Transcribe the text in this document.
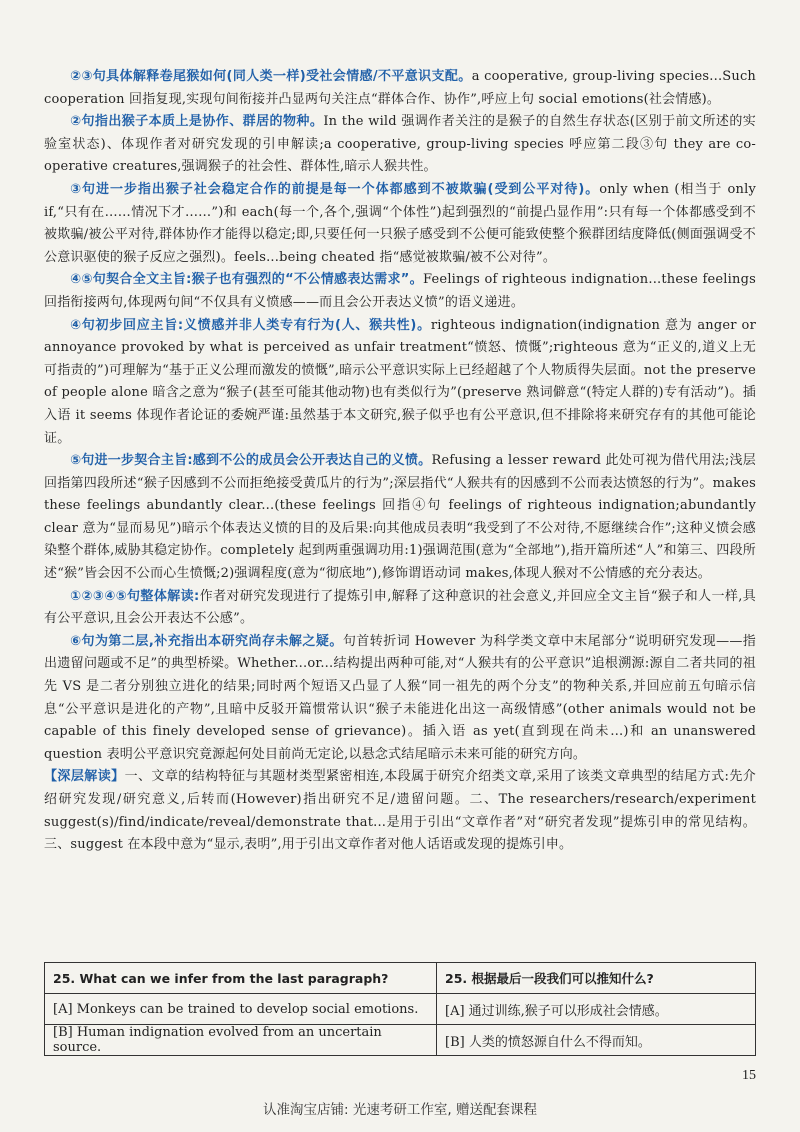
②③句具体解释卷尾猴如何(同人类一样)受社会情感/不平意识支配。a cooperative, group-living species...Such cooperation 回指复现,实现句间衔接并凸显两句关注点“群体合作、协作”,呼应上句 social emotions(社会情感)。

②句指出猴子本质上是协作、群居的物种。In the wild 强调作者关注的是猴子的自然生存状态(区别于前文所述的实验室状态)、体现作者对研究发现的引申解读;a cooperative, group-living species 呼应第二段③句 they are co-operative creatures,强调猴子的社会性、群体性,暗示人猴共性。

③句进一步指出猴子社会稳定合作的前提是每一个体都感到不被欺骗(受到公平对待)。only when (相当于 only if,“只有在……情况下才……”)和 each(每一个,各个,强调“个体性”)起到强烈的“前提凸显作用”:只有每一个体都感受到不被欺骗/被公平对待,群体协作才能得以稳定;即,只要任何一只猴子感受到不公便可能致使整个猴群团结度降低(侧面强调受不公意识驱使的猴子反应之强烈)。feels...being cheated 指“感觉被欺骗/被不公对待”。

④⑤句契合全文主旨:猴子也有强烈的“不公情感表达需求”。Feelings of righteous indignation...these feelings 回指衔接两句,体现两句间“不仅具有义愤感——而且会公开表达义愤”的语义递进。

④句初步回应主旨:义愤感并非人类专有行为(人、猴共性)。righteous indignation(indignation 意为 anger or annoyance provoked by what is perceived as unfair treatment“愤怒、愤慨”;righteous 意为“正义的,道义上无可指责的”)可理解为“基于正义公理而激发的愤慨”,暗示公平意识实际上已经超越了个人物质得失层面。not the preserve of people alone 暗含之意为“猴子(甚至可能其他动物)也有类似行为”(preserve 熟词僻意“(特定人群的)专有活动”)。插入语 it seems 体现作者论证的委婉严谨:虽然基于本文研究,猴子似乎也有公平意识,但不排除将来研究存有的其他可能论证。

⑤句进一步契合主旨:感到不公的成员会公开表达自己的义愤。Refusing a lesser reward 此处可视为借代用法;浅层回指第四段所述“猴子因感到不公而拒绝接受黄瓜片的行为”;深层指代“人猴共有的因感到不公而表达愤怒的行为”。makes these feelings abundantly clear...(these feelings 回指④句 feelings of righteous indignation;abundantly clear 意为“显而易见”)暗示个体表达义愤的目的及后果:向其他成员表明“我受到了不公对待,不愿继续合作”;这种义愤会感染整个群体,威胁其稳定协作。completely 起到两重强调功用:1)强调范围(意为“全部地”),指开篇所述“人”和第三、四段所述“猴”皆会因不公而心生愤慨;2)强调程度(意为“彻底地”),修饰谓语动词 makes,体现人猴对不公情感的充分表达。

①②③④⑤句整体解读:作者对研究发现进行了提炼引申,解释了这种意识的社会意义,并回应全文主旨“猴子和人一样,具有公平意识,且会公开表达不公感”。

⑥句为第二层,补充指出本研究尚存未解之疑。句首转折词 However 为科学类文章中末尾部分“说明研究发现——指出遗留问题或不足”的典型桥梁。Whether...or...结构提出两种可能,对“人猴共有的公平意识”追根溯源:源自二者共同的祖先 VS 是二者分别独立进化的结果;同时两个短语又凸显了人猴“同一祖先的两个分支”的物种关系,并回应前五句暗示信息“公平意识是进化的产物”,且暗中反驳开篇惯常认识“猴子未能进化出这一高级情感”(other animals would not be capable of this finely developed sense of grievance)。插入语 as yet(直到现在尚未…)和 an unanswered question 表明公平意识究竟源起何处目前尚无定论,以悬念式结尾暗示未来可能的研究方向。

【深层解读】一、文章的结构特征与其题材类型紧密相连,本段属于研究介绍类文章,采用了该类文章典型的结尾方式:先介绍研究发现/研究意义,后转而(However)指出研究不足/遗留问题。二、The researchers/research/experiment suggest(s)/find/indicate/reveal/demonstrate that...是用于引出“文章作者”对“研究者发现”提炼引申的常见结构。三、suggest 在本段中意为“显示,表明”,用于引出文章作者对他人话语或发现的提炼引申。

25. What can we infer from the last paragraph?	25. 根据最后一段我们可以推知什么?
[A] Monkeys can be trained to develop social emotions.	[A] 通过训练,猴子可以形成社会情感。
[B] Human indignation evolved from an uncertain source.	[B] 人类的愤怒源自什么不得而知。
15
认准淘宝店铺: 光速考研工作室, 赠送配套课程
